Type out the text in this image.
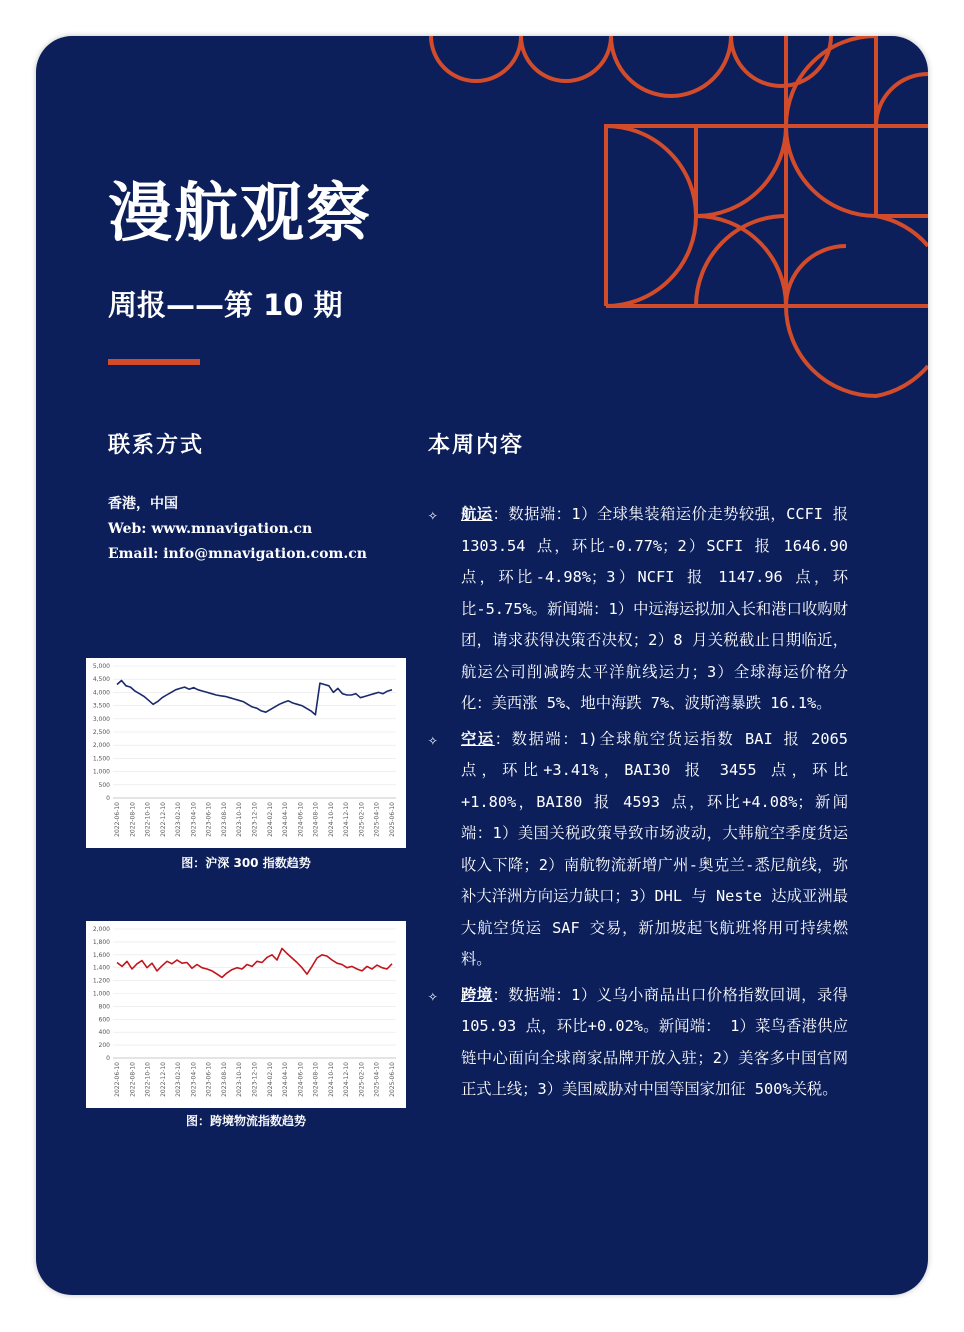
漫航观察
周报——第 10 期
联系方式	本周内容
香港，中国
Web: www.mnavigation.cn
Email: info@mnavigation.com.cn
0
500
1,000
1,500
2,000
2,500
3,000
3,500
4,000
4,500
5,000
2022-06-10 2022-08-10 2022-10-10 2022-12-10 2023-02-10 2023-04-10 2023-06-10 2023-08-10 2023-10-10 2023-12-10 2024-02-10 2024-04-10 2024-06-10 2024-08-10 2024-10-10 2024-12-10 2025-02-10 2025-04-10 2025-06-10
图：沪深 300 指数趋势
0
200
400
600
800
1,000
1,200
1,400
1,600
1,800
2,000
2022-06-10 2022-08-10 2022-10-10 2022-12-10 2023-02-10 2023-04-10 2023-06-10 2023-08-10 2023-10-10 2023-12-10 2024-02-10 2024-04-10 2024-06-10 2024-08-10 2024-10-10 2024-12-10 2025-02-10 2025-04-10 2025-06-10
图：跨境物流指数趋势
✧ 航运：数据端：1）全球集装箱运价走势较强，CCFI 报 1303.54 点，环比-0.77%；2）SCFI 报 1646.90 点，环比-4.98%；3）NCFI 报 1147.96 点，环比-5.75%。新闻端：1）中远海运拟加入长和港口收购财团，请求获得决策否决权；2）8 月关税截止日期临近，航运公司削减跨太平洋航线运力；3）全球海运价格分化：美西涨 5%、地中海跌 7%、波斯湾暴跌 16.1%。
✧ 空运：数据端：1)全球航空货运指数 BAI 报 2065 点，环比+3.41%，BAI30 报 3455 点，环比+1.80%，BAI80 报 4593 点，环比+4.08%；新闻端：1）美国关税政策导致市场波动，大韩航空季度货运收入下降；2）南航物流新增广州-奥克兰-悉尼航线，弥补大洋洲方向运力缺口；3）DHL 与 Neste 达成亚洲最大航空货运 SAF 交易，新加坡起飞航班将用可持续燃料。
✧ 跨境：数据端：1）义乌小商品出口价格指数回调，录得 105.93 点，环比+0.02%。新闻端： 1）菜鸟香港供应链中心面向全球商家品牌开放入驻；2）美客多中国官网正式上线；3）美国威胁对中国等国家加征 500%关税。
